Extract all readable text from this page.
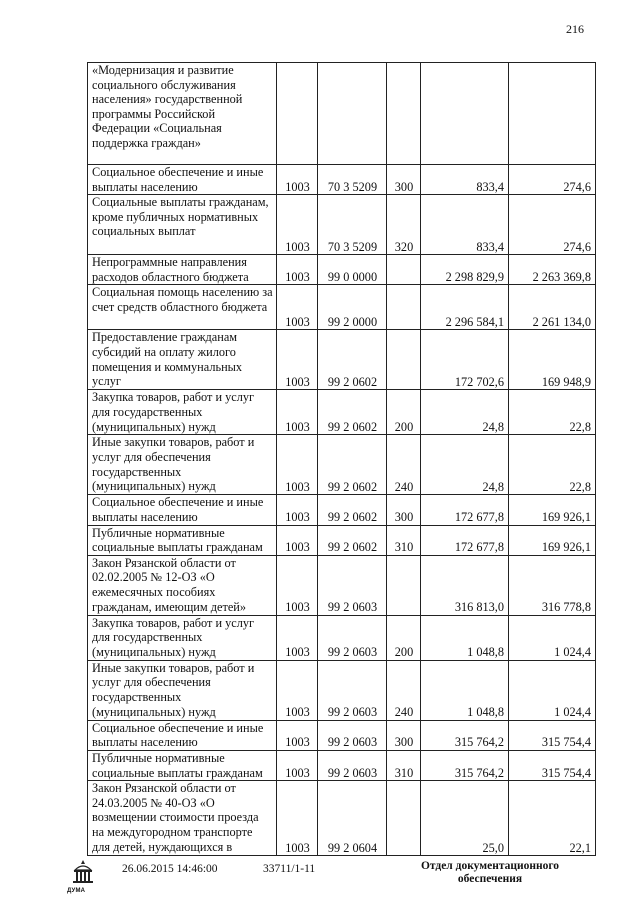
216
«Модернизация и развитие социального обслуживания населения» государственной программы Российской Федерации «Социальная поддержка граждан»					
Социальное обеспечение и иные выплаты населению	1003	70 3 5209	300	833,4	274,6
Социальные выплаты гражданам, кроме публичных нормативных социальных выплат	1003	70 3 5209	320	833,4	274,6
Непрограммные направления расходов областного бюджета	1003	99 0 0000		2 298 829,9	2 263 369,8
Социальная помощь населению за счет средств областного бюджета	1003	99 2 0000		2 296 584,1	2 261 134,0
Предоставление гражданам субсидий на оплату жилого помещения и коммунальных услуг	1003	99 2 0602		172 702,6	169 948,9
Закупка товаров, работ и услуг для государственных (муниципальных) нужд	1003	99 2 0602	200	24,8	22,8
Иные закупки товаров, работ и услуг для обеспечения государственных (муниципальных) нужд	1003	99 2 0602	240	24,8	22,8
Социальное обеспечение и иные выплаты населению	1003	99 2 0602	300	172 677,8	169 926,1
Публичные нормативные социальные выплаты гражданам	1003	99 2 0602	310	172 677,8	169 926,1
Закон Рязанской области от 02.02.2005 № 12-ОЗ «О ежемесячных пособиях гражданам, имеющим детей»	1003	99 2 0603		316 813,0	316 778,8
Закупка товаров, работ и услуг для государственных (муниципальных) нужд	1003	99 2 0603	200	1 048,8	1 024,4
Иные закупки товаров, работ и услуг для обеспечения государственных (муниципальных) нужд	1003	99 2 0603	240	1 048,8	1 024,4
Социальное обеспечение и иные выплаты населению	1003	99 2 0603	300	315 764,2	315 754,4
Публичные нормативные социальные выплаты гражданам	1003	99 2 0603	310	315 764,2	315 754,4
Закон Рязанской области от 24.03.2005 № 40-ОЗ «О возмещении стоимости проезда на междугородном транспорте для детей, нуждающихся в	1003	99 2 0604		25,0	22,1
ДУМА
26.06.2015 14:46:00	33711/1-11	Отдел документационного обеспечения
